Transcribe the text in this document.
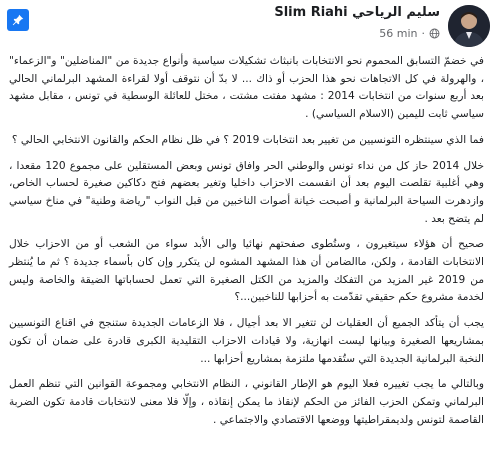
Slim Riahi سليم الرياحي
56 min ·

في خضمّ التسابق المحموم نحو الانتخابات بانبثاث تشكيلات سياسية وأنواع جديدة من "المناضلين" و"الزعماء" ، والهرولة في كل الاتجاهات نحو هذا الحزب أو ذاك ... لا بدّ أن نتوقف أولا لقراءة المشهد البرلماني الحالي بعد أربع سنوات من انتخابات 2014 : مشهد مفتت مشتت ، مختل للعائلة الوسطية في تونس ، مقابل مشهد سياسي ثابت لليمين (الاسلام السياسي) .

فما الذي سينتظره التونسيين من تغيير بعد انتخابات 2019 ؟ في ظل نظام الحكم والقانون الانتخابي الحالي ؟

خلال 2014 حاز كل من نداء تونس والوطني الحر وافاق تونس وبعض المستقلين على مجموع 120 مقعدا ، وهي أغلبية تقلصت اليوم بعد أن انقسمت الاحزاب داخليا وتغير بعضهم فتح دكاكين صغيرة لحساب الخاص، وازدهرت السياحة البرلمانية و أصبحت خيانة أصوات الناخبين من قبل النواب "رياضة وطنية" في مناخ سياسي لم يتضح بعد .

صحيح أن هؤلاء سيتغيرون ، وستُطوى صفحتهم نهائيا والى الأبد سواء من الشعب أو من الاحزاب خلال الانتخابات القادمة ، ولكن، ماالضامن أن هذا المشهد المشوه لن يتكرر وإن كان بأسماء جديدة ؟ ثم ما يُنتظر من 2019 غير المزيد من التفكك والمزيد من الكتل الصغيرة التي تعمل لحساباتها الضيقة والخاصة وليس لخدمة مشروع حكم حقيقي تقدّمت به أحزابها للناخبين...؟

يجب أن يتأكد الجميع أن العقليات لن تتغير الا بعد أجيال ، فلا الزعامات الجديدة ستنجح في اقناع التونسيين بمشاريعها الصغيرة وبيانها ليست انهازية، ولا قيادات الاحزاب التقليدية الكبرى قادرة على ضمان أن تكون النخبة البرلمانية الجديدة التي ستُقدمها ملتزمة بمشاريع أحزابها ...

وبالتالي ما يجب تغييره فعلا اليوم هو الإطار القانوني ، النظام الانتخابي ومجموعة القوانين التي تنظم العمل البرلماني وتمكن الحزب الفائز من الحكم لإنقاذ ما يمكن إنقاذه ، وإلّا فلا معنى لانتخابات قادمة تكون الضربة القاصمة لتونس ولديمقراطيتها ووضعها الاقتصادي والاجتماعي .
